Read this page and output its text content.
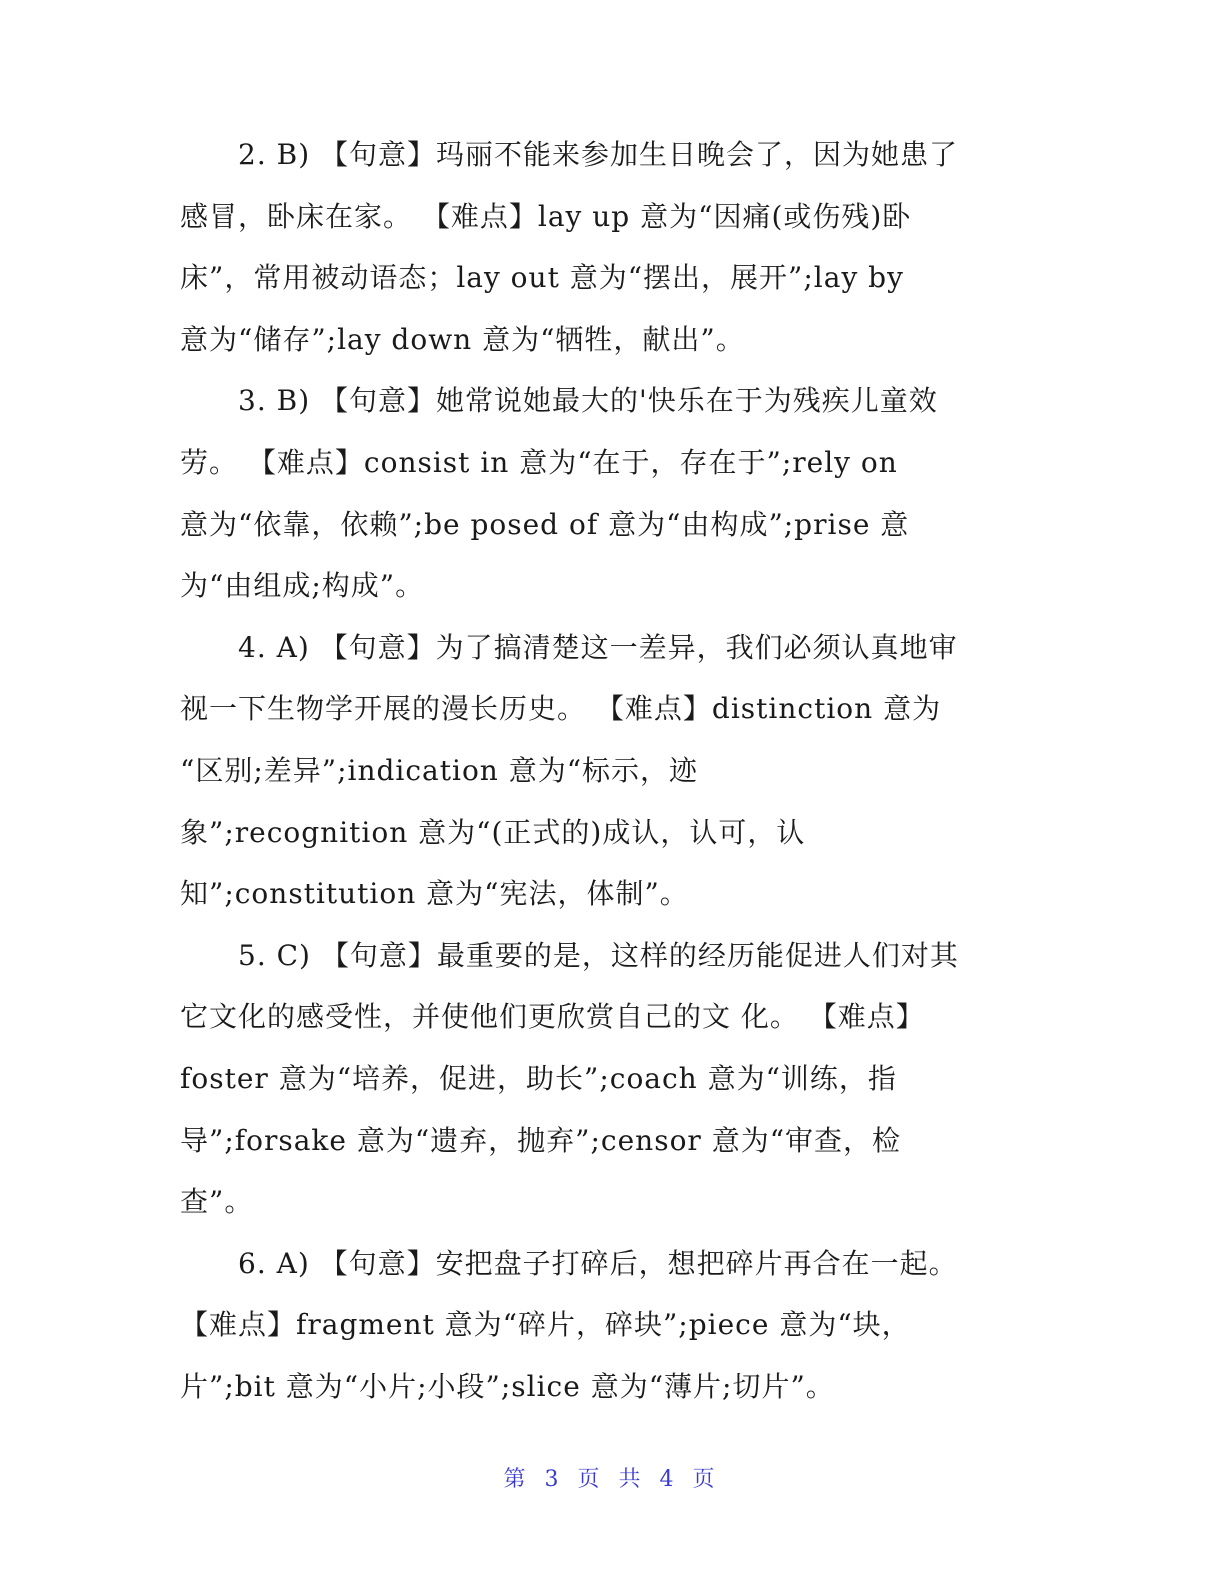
2. B) 【句意】玛丽不能来参加生日晚会了，因为她患了
感冒，卧床在家。 【难点】lay up 意为“因痛(或伤残)卧
床”，常用被动语态；lay out 意为“摆出，展开”;lay by
意为“储存”;lay down 意为“牺牲，献出”。
3. B) 【句意】她常说她最大的'快乐在于为残疾儿童效
劳。 【难点】consist in 意为“在于，存在于”;rely on
意为“依靠，依赖”;be posed of 意为“由构成”;prise 意
为“由组成;构成”。
4. A) 【句意】为了搞清楚这一差异，我们必须认真地审
视一下生物学开展的漫长历史。 【难点】distinction 意为
“区别;差异”;indication 意为“标示，迹
象”;recognition 意为“(正式的)成认，认可，认
知”;constitution 意为“宪法，体制”。
5. C) 【句意】最重要的是，这样的经历能促进人们对其
它文化的感受性，并使他们更欣赏自己的文 化。 【难点】
foster 意为“培养，促进，助长”;coach 意为“训练，指
导”;forsake 意为“遗弃，抛弃”;censor 意为“审查，检
查”。
6. A) 【句意】安把盘子打碎后，想把碎片再合在一起。
【难点】fragment 意为“碎片，碎块”;piece 意为“块，
片”;bit 意为“小片;小段”;slice 意为“薄片;切片”。
第 3 页 共 4 页
